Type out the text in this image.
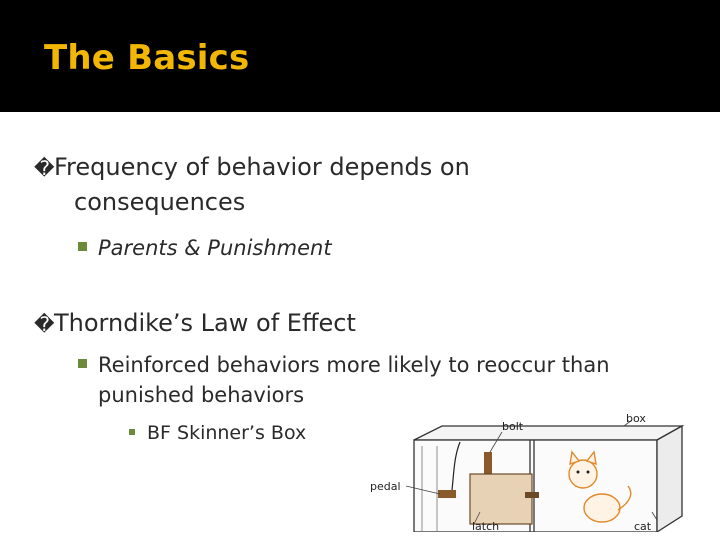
The Basics
�Frequency of behavior depends on
consequences
Parents & Punishment
�Thorndike’s Law of Effect
Reinforced behaviors more likely to reoccur than
punished behaviors
BF Skinner’s Box	bolt
box
pedal
latch	cat
